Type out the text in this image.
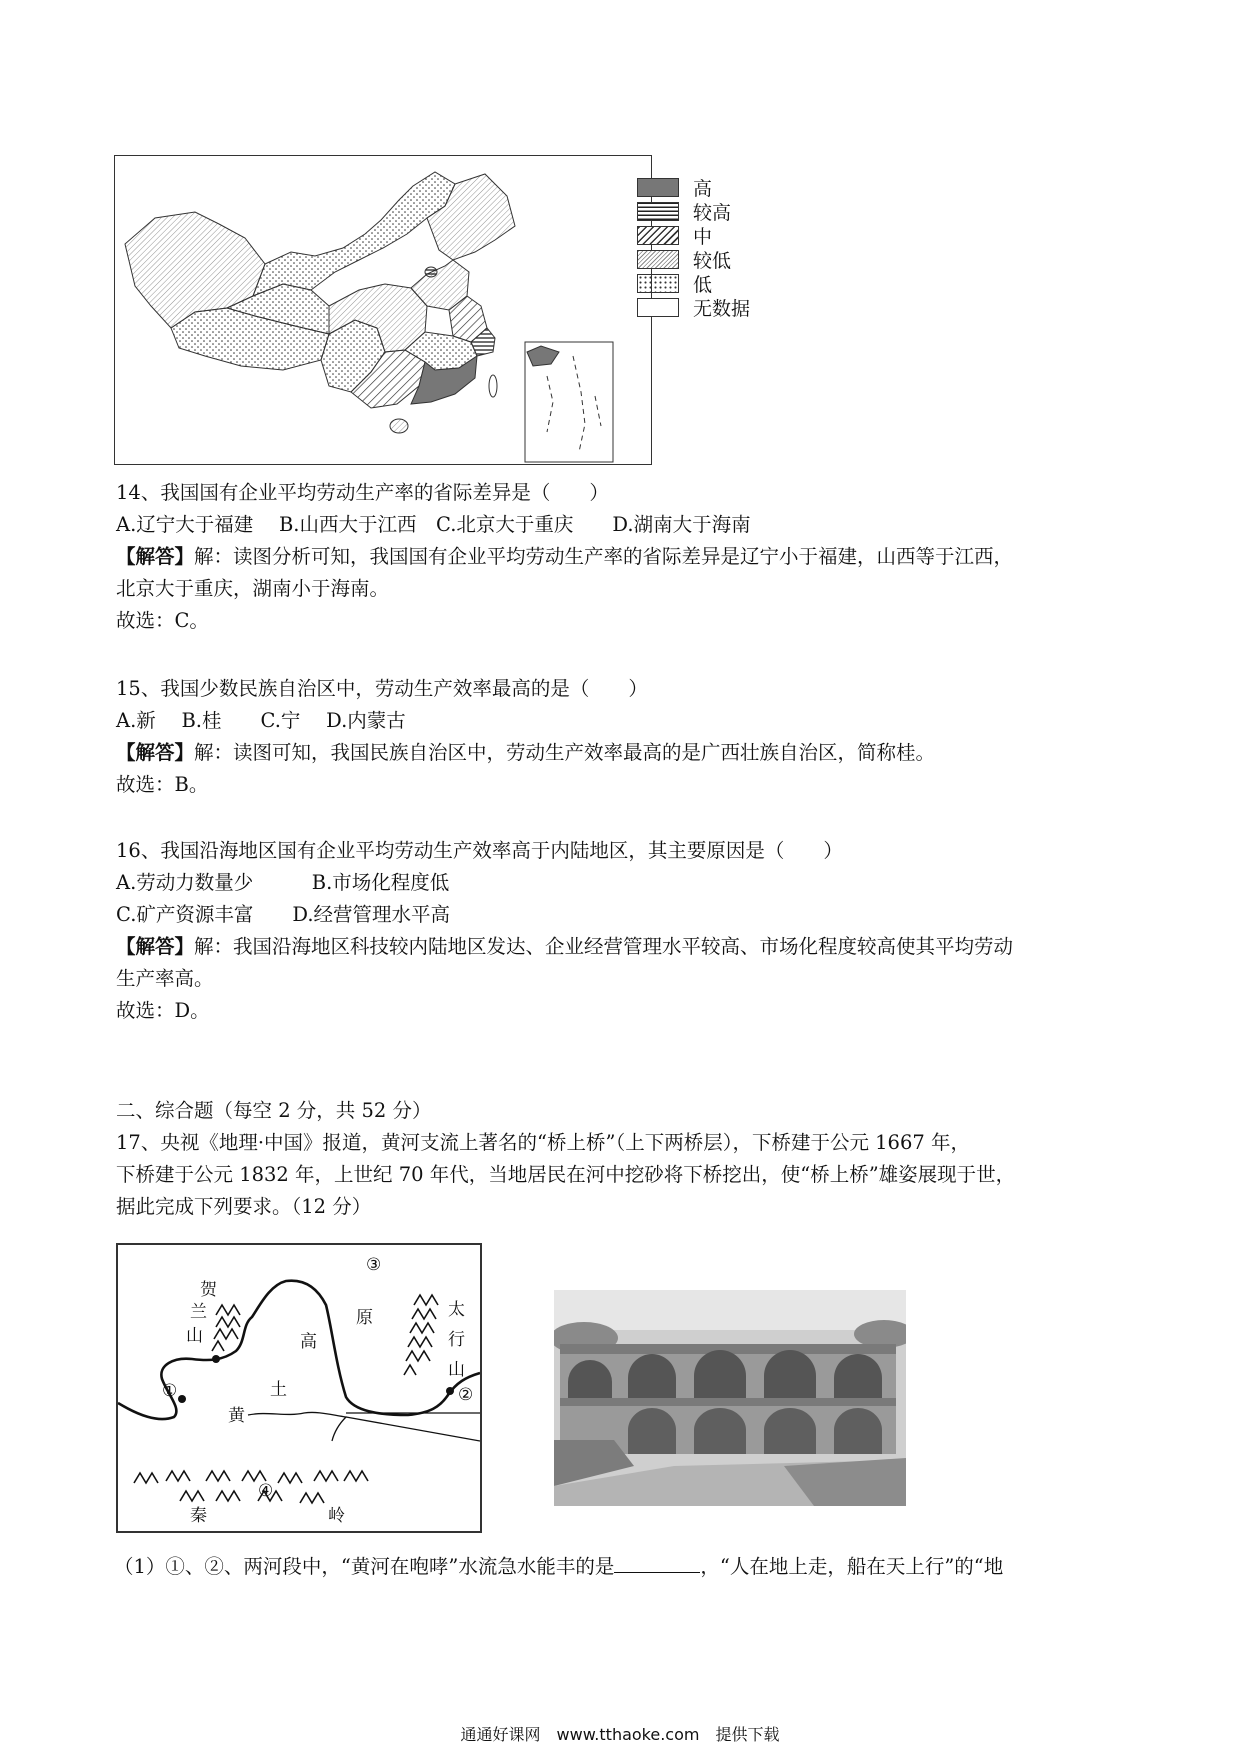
高
较高
中
较低
低
无数据
14、我国国有企业平均劳动生产率的省际差异是（　　）
A.辽宁大于福建　 B.山西大于江西　C.北京大于重庆　　D.湖南大于海南
【解答】解：读图分析可知，我国国有企业平均劳动生产率的省际差异是辽宁小于福建，山西等于江西，
北京大于重庆，湖南小于海南。
故选：C。
15、我国少数民族自治区中，劳动生产效率最高的是（　　）
A.新　 B.桂　　C.宁　 D.内蒙古
【解答】解：读图可知，我国民族自治区中，劳动生产效率最高的是广西壮族自治区，简称桂。
故选：B。
16、我国沿海地区国有企业平均劳动生产效率高于内陆地区，其主要原因是（　　）
A.劳动力数量少　　　B.市场化程度低
C.矿产资源丰富　　D.经营管理水平高
【解答】解：我国沿海地区科技较内陆地区发达、企业经营管理水平较高、市场化程度较高使其平均劳动
生产率高。
故选：D。
二、综合题（每空 2 分，共 52 分）
17、央视《地理·中国》报道，黄河支流上著名的“桥上桥”（上下两桥层），下桥建于公元 1667 年，
下桥建于公元 1832 年，上世纪 70 年代，当地居民在河中挖砂将下桥挖出，使“桥上桥”雄姿展现于世，
据此完成下列要求。（12 分）
贺
兰
山	高
原
土
黄
太
行
山
秦	岭
①	②
③
④
（1）①、②、两河段中，“黄河在咆哮”水流急水能丰的是	，“人在地上走，船在天上行”的“地
通通好课网　www.tthaoke.com　提供下载
